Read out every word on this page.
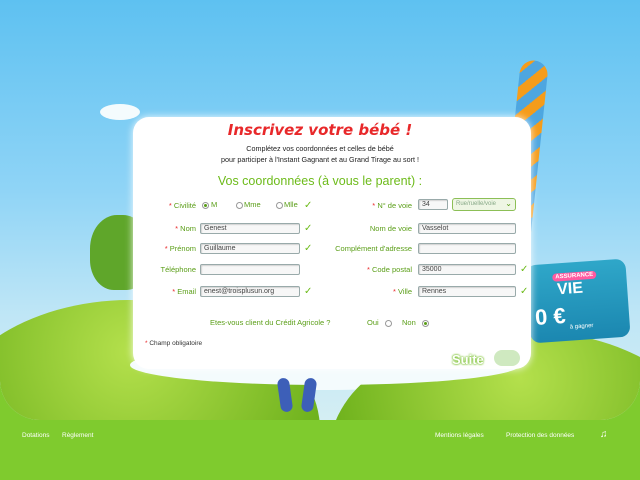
ASSURANCE
VIE
0 € à gagner
Inscrivez votre bébé !
Complétez vos coordonnées et celles de bébé
pour participer à l'Instant Gagnant et au Grand Tirage au sort !
Vos coordonnées (à vous le parent) :
* Civilité M	Mme	Mlle ✓
* Nom	Genest	✓
* Prénom	Guillaume	✓
Téléphone
* Email	enest@troisplusun.org	✓
* N° de voie	34	Rue/ruelle/voie ⌄
Nom de voie	Vasselot
Complément d'adresse
* Code postal	35000	✓
* Ville	Rennes	✓
Etes-vous client du Crédit Agricole ?	Oui	Non
* Champ obligatoire
Suite
Dotations Règlement	Mentions légales	Protection des données	♫
